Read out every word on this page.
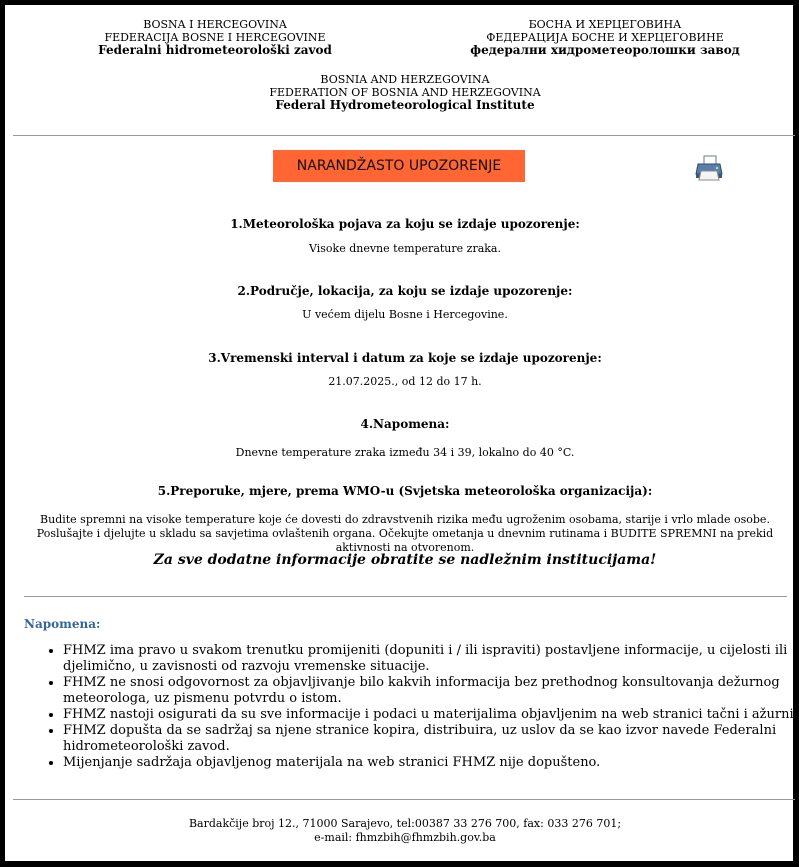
BOSNA I HERCEGOVINA
FEDERACIJA BOSNE I HERCEGOVINE
Federalni hidrometeorološki zavod
БОСНА И ХЕРЦЕГОВИНА
ФЕДЕРАЦИЈА БОСНЕ И ХЕРЦЕГОВИНЕ
федерални хидрометеоролошки завод
BOSNIA AND HERZEGOVINA
FEDERATION OF BOSNIA AND HERZEGOVINA
Federal Hydrometeorological Institute
NARANDŽASTO UPOZORENJE
1.Meteorološka pojava za koju se izdaje upozorenje:
Visoke dnevne temperature zraka.
2.Područje, lokacija, za koju se izdaje upozorenje:
U većem dijelu Bosne i Hercegovine.
3.Vremenski interval i datum za koje se izdaje upozorenje:
21.07.2025., od 12 do 17 h.
4.Napomena:
Dnevne temperature zraka između 34 i 39, lokalno do 40 °C.
5.Preporuke, mjere, prema WMO-u (Svjetska meteorološka organizacija):
Budite spremni na visoke temperature koje će dovesti do zdravstvenih rizika među ugroženim osobama, starije i vrlo mlade osobe. Poslušajte i djelujte u skladu sa savjetima ovlaštenih organa. Očekujte ometanja u dnevnim rutinama i BUDITE SPREMNI na prekid aktivnosti na otvorenom.
Za sve dodatne informacije obratite se nadležnim institucijama!
Napomena:
• FHMZ ima pravo u svakom trenutku promijeniti (dopuniti i / ili ispraviti) postavljene informacije, u cijelosti ili djelimično, u zavisnosti od razvoju vremenske situacije.
• FHMZ ne snosi odgovornost za objavljivanje bilo kakvih informacija bez prethodnog konsultovanja dežurnog meteorologa, uz pismenu potvrdu o istom.
• FHMZ nastoji osigurati da su sve informacije i podaci u materijalima objavljenim na web stranici tačni i ažurni.
• FHMZ dopušta da se sadržaj sa njene stranice kopira, distribuira, uz uslov da se kao izvor navede Federalni hidrometeorološki zavod.
• Mijenjanje sadržaja objavljenog materijala na web stranici FHMZ nije dopušteno.
Bardakčije broj 12., 71000 Sarajevo, tel:00387 33 276 700, fax: 033 276 701;
e-mail: fhmzbih@fhmzbih.gov.ba
